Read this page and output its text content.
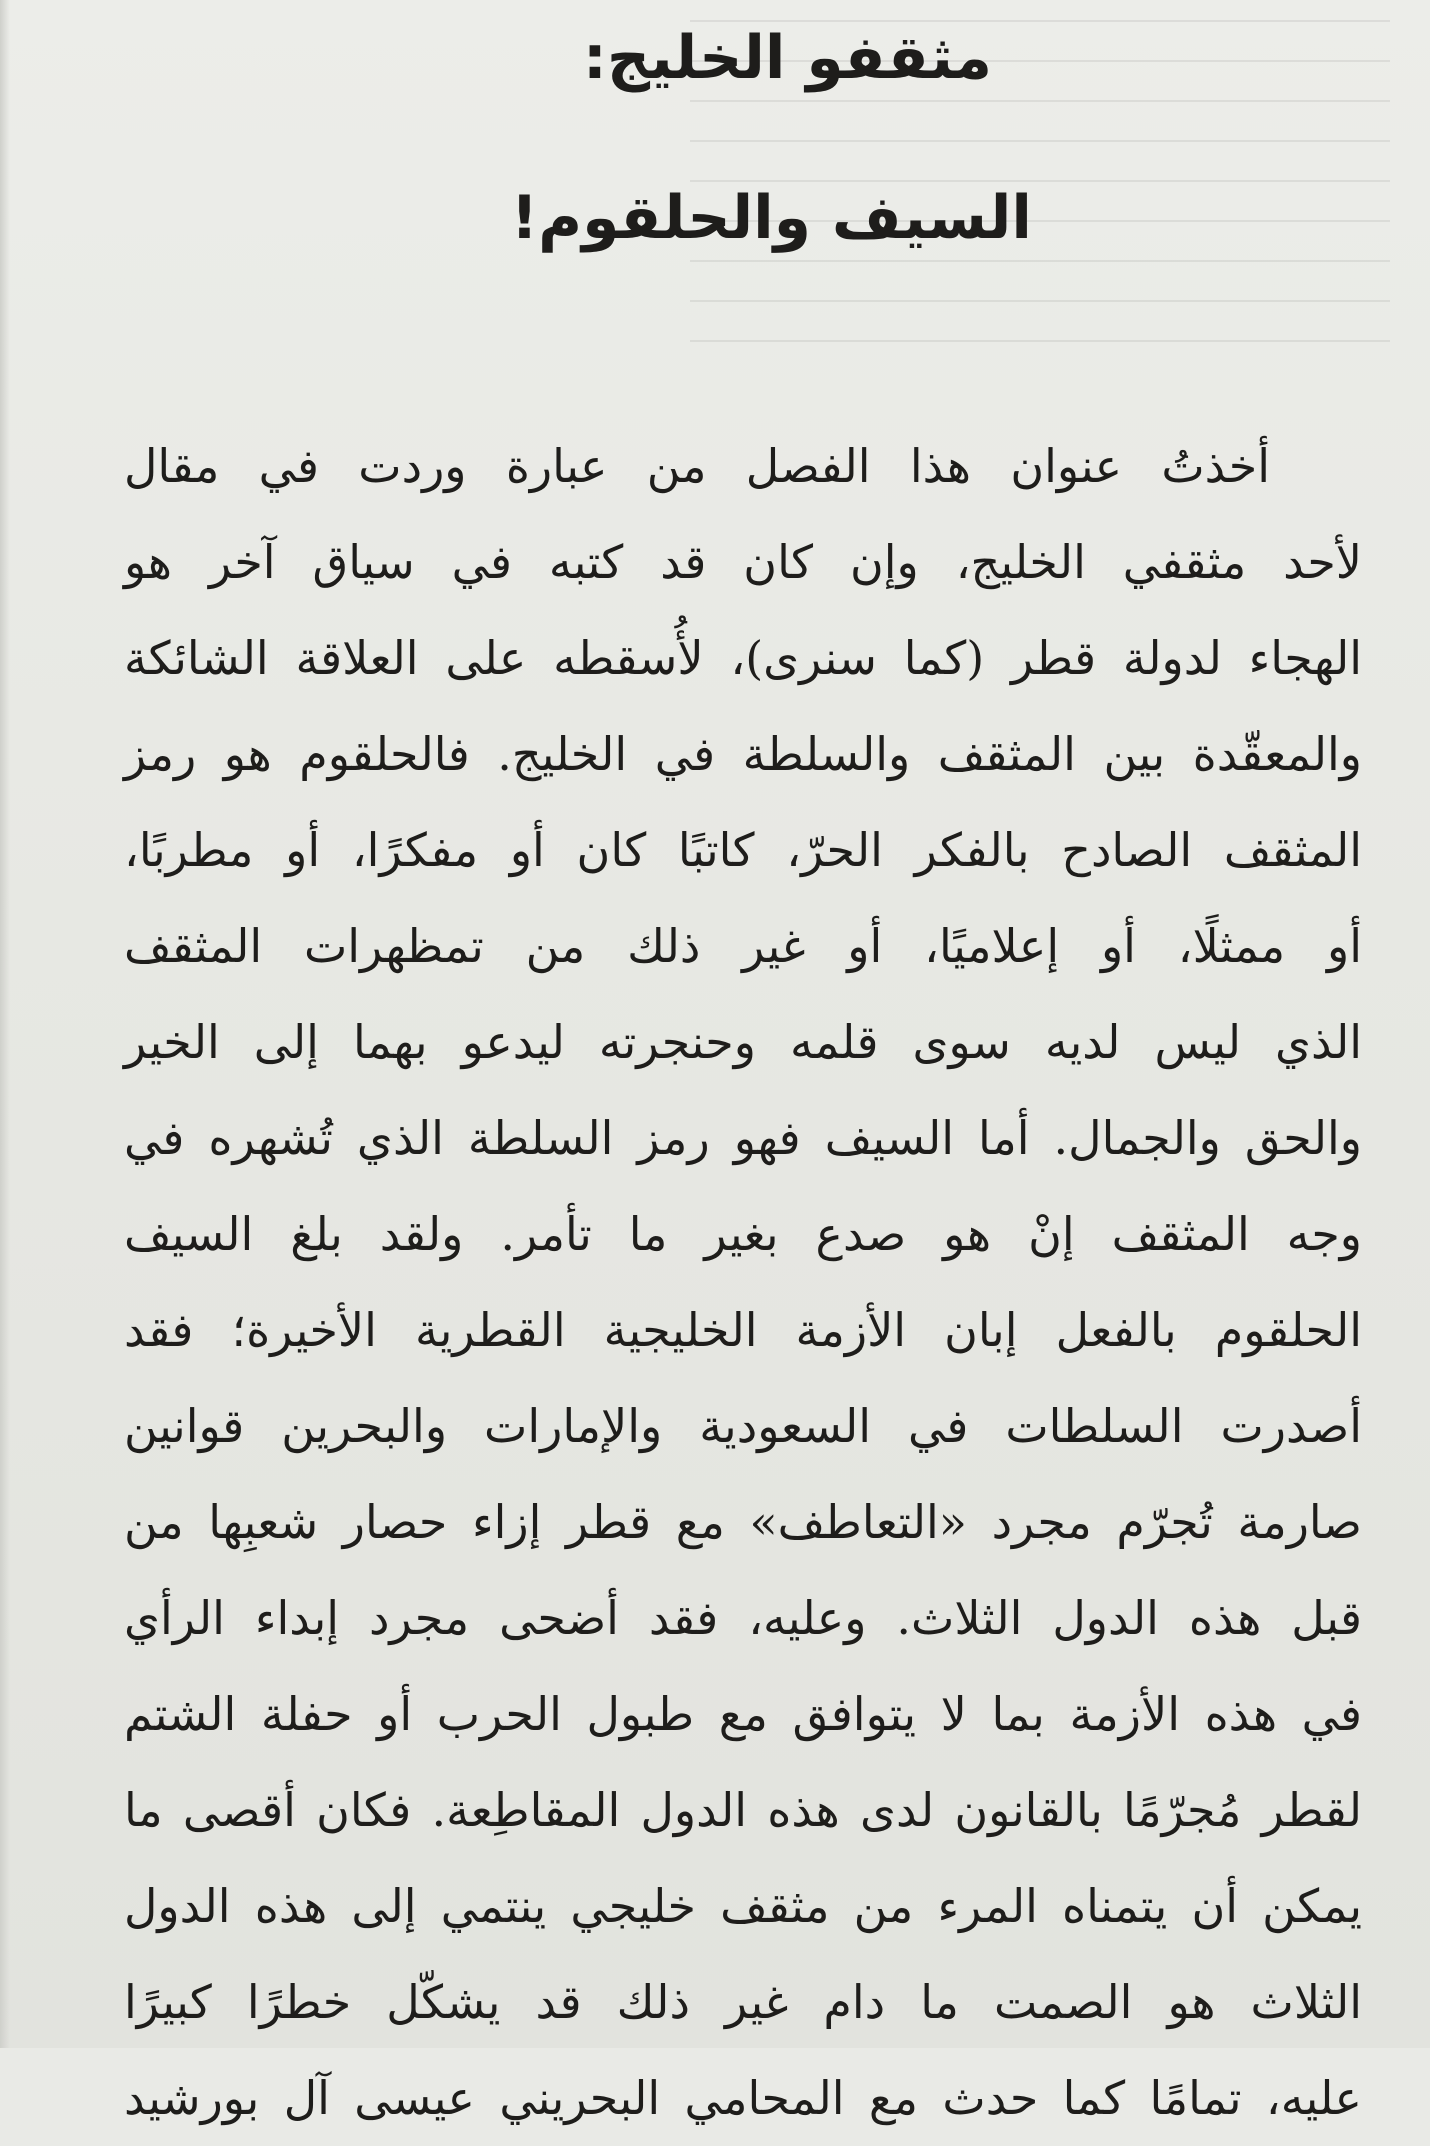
مثقفو الخليج:
السيف والحلقوم!
أخذتُ عنوان هذا الفصل من عبارة وردت في مقال
لأحد مثقفي الخليج، وإن كان قد كتبه في سياق آخر هو
الهجاء لدولة قطر (كما سنرى)، لأُسقطه على العلاقة الشائكة
والمعقّدة بين المثقف والسلطة في الخليج. فالحلقوم هو رمز
المثقف الصادح بالفكر الحرّ، كاتبًا كان أو مفكرًا، أو مطربًا،
أو ممثلًا، أو إعلاميًا، أو غير ذلك من تمظهرات المثقف
الذي ليس لديه سوى قلمه وحنجرته ليدعو بهما إلى الخير
والحق والجمال. أما السيف فهو رمز السلطة الذي تُشهره في
وجه المثقف إنْ هو صدع بغير ما تأمر. ولقد بلغ السيف
الحلقوم بالفعل إبان الأزمة الخليجية القطرية الأخيرة؛ فقد
أصدرت السلطات في السعودية والإمارات والبحرين قوانين
صارمة تُجرّم مجرد «التعاطف» مع قطر إزاء حصار شعبِها من
قبل هذه الدول الثلاث. وعليه، فقد أضحى مجرد إبداء الرأي
في هذه الأزمة بما لا يتوافق مع طبول الحرب أو حفلة الشتم
لقطر مُجرّمًا بالقانون لدى هذه الدول المقاطِعة. فكان أقصى ما
يمكن أن يتمناه المرء من مثقف خليجي ينتمي إلى هذه الدول
الثلاث هو الصمت ما دام غير ذلك قد يشكّل خطرًا كبيرًا
عليه، تمامًا كما حدث مع المحامي البحريني عيسى آل بورشيد
